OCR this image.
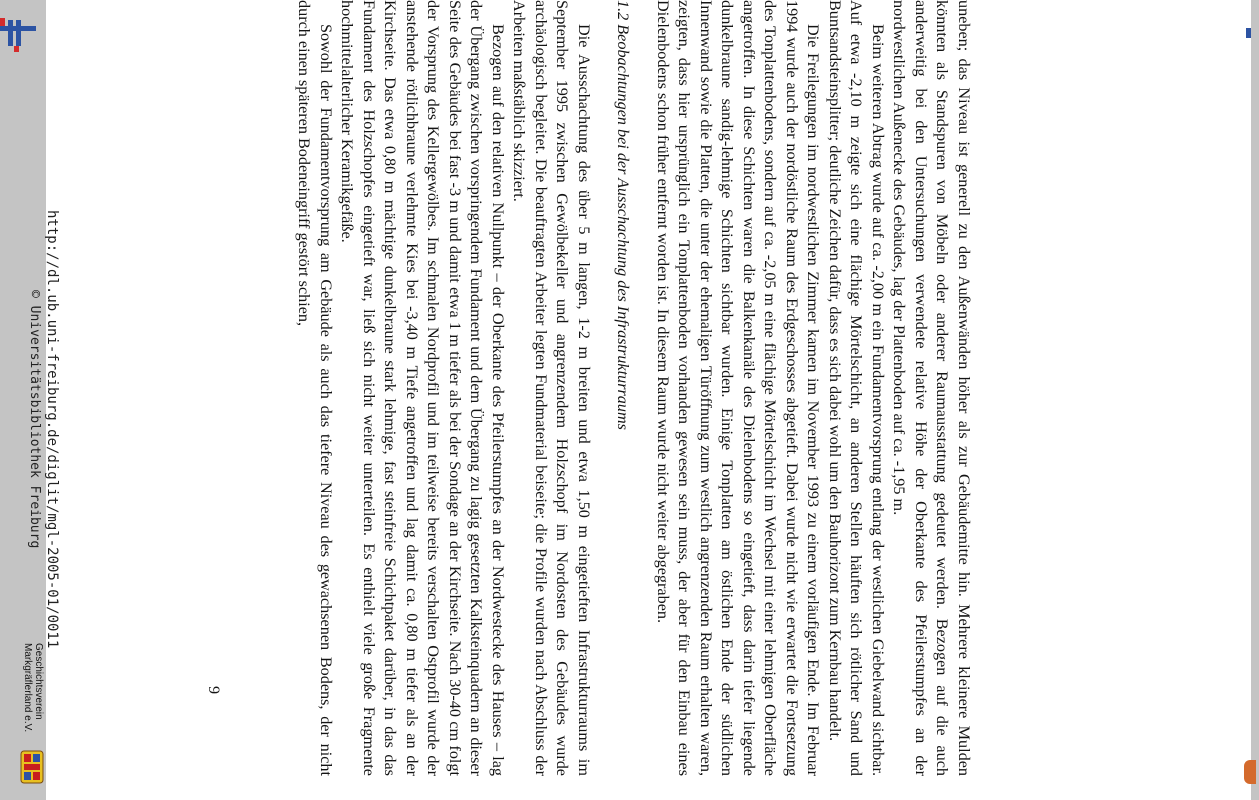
http://dl.ub.uni-freiburg.de/diglit/mgl-2005-01/0011
© Universitätsbibliothek Freiburg
Geschichtsverein
Markgräflerland e.V.	uneben; das Niveau ist generell zu den Außenwänden höher als zur Gebäudemitte hin. Mehrere kleinere Mulden könnten als Standspuren von Möbeln oder anderer Raumausstattung gedeutet werden. Bezogen auf die auch anderweitig bei den Untersuchungen verwendete relative Höhe der Oberkante des Pfeilerstumpfes an der nordwestlichen Außenecke des Gebäudes, lag der Plattenboden auf ca. -1,95 m.

Beim weiteren Abtrag wurde auf ca. -2,00 m ein Fundamentvorsprung entlang der westlichen Giebelwand sichtbar. Auf etwa -2,10 m zeigte sich eine flächige Mörtelschicht, an anderen Stellen häuften sich rötlicher Sand und Buntsandsteinsplitter; deutliche Zeichen dafür, dass es sich dabei wohl um den Bauhorizont zum Kernbau handelt.

Die Freilegungen im nordwestlichen Zimmer kamen im November 1993 zu einem vorläufigen Ende. Im Februar 1994 wurde auch der nordöstliche Raum des Erdgeschosses abgetieft. Dabei wurde nicht wie erwartet die Fortsetzung des Tonplattenbodens, sondern auf ca. -2,05 m eine flächige Mörtelschicht im Wechsel mit einer lehmigen Oberfläche angetroffen. In diese Schichten waren die Balkenkanäle des Dielenbodens so eingetieft, dass darin tiefer liegende dunkelbraune sandig-lehmige Schichten sichtbar wurden. Einige Tonplatten am östlichen Ende der südlichen Innenwand sowie die Platten, die unter der ehemaligen Türöffnung zum westlich angrenzenden Raum erhalten waren, zeigten, dass hier ursprünglich ein Tonplattenboden vorhanden gewesen sein muss, der aber für den Einbau eines Dielenbodens schon früher entfernt worden ist. In diesem Raum wurde nicht weiter abgegraben.

1.2 Beobachtungen bei der Ausschachtung des Infrastrukturraums

Die Ausschachtung des über 5 m langen, 1-2 m breiten und etwa 1,50 m eingetieften Infrastrukturraums im September 1995 zwischen Gewölbekeller und angrenzendem Holzschopf im Nordosten des Gebäudes wurde archäologisch begleitet. Die beauftragten Arbeiter legten Fundmaterial beiseite; die Profile wurden nach Abschluss der Arbeiten maßstäblich skizziert.

Bezogen auf den relativen Nullpunkt – der Oberkante des Pfeilerstumpfes an der Nordwestecke des Hauses – lag der Übergang zwischen vorspringendem Fundament und dem Übergang zu lagig gesetzten Kalksteinquadern an dieser Seite des Gebäudes bei fast -3 m und damit etwa 1 m tiefer als bei der Sondage an der Kirchseite. Nach 30-40 cm folgt der Vorsprung des Kellergewölbes. Im schmalen Nordprofil und im teilweise bereits verschalten Ostprofil wurde der anstehende rötlichbraune verlehmte Kies bei -3,40 m Tiefe angetroffen und lag damit ca. 0,80 m tiefer als an der Kirchseite. Das etwa 0,80 m mächtige dunkelbraune stark lehmige, fast steinfreie Schichtpaket darüber, in das das Fundament des Holzschopfes eingetieft war, ließ sich nicht weiter unterteilen. Es enthielt viele große Fragmente hochmittelalterlicher Keramikgefäße.

Sowohl der Fundamentvorsprung am Gebäude als auch das tiefere Niveau des gewachsenen Bodens, der nicht durch einen späteren Bodeneingriff gestört schien,

9
